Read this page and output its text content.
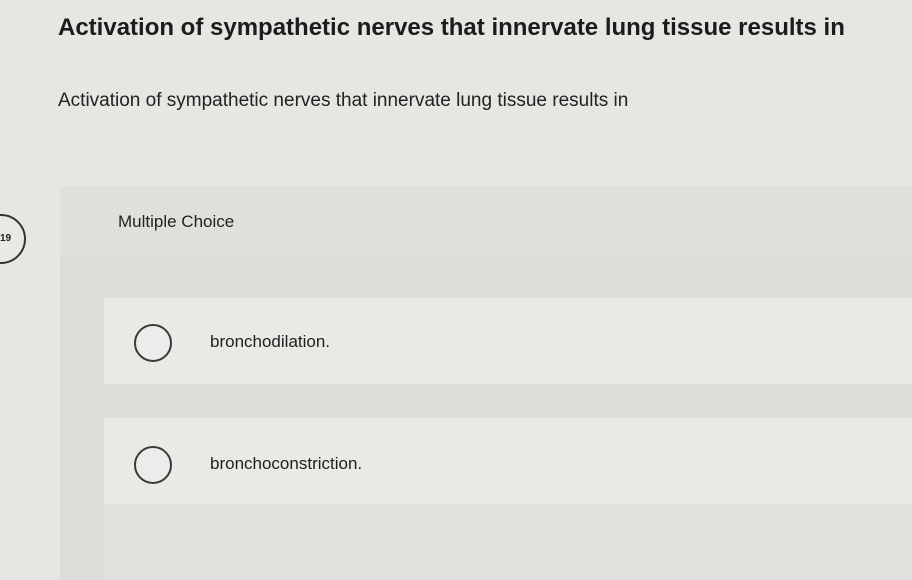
Activation of sympathetic nerves that innervate lung tissue results in
Activation of sympathetic nerves that innervate lung tissue results in
Multiple Choice
19
bronchodilation.
bronchoconstriction.
